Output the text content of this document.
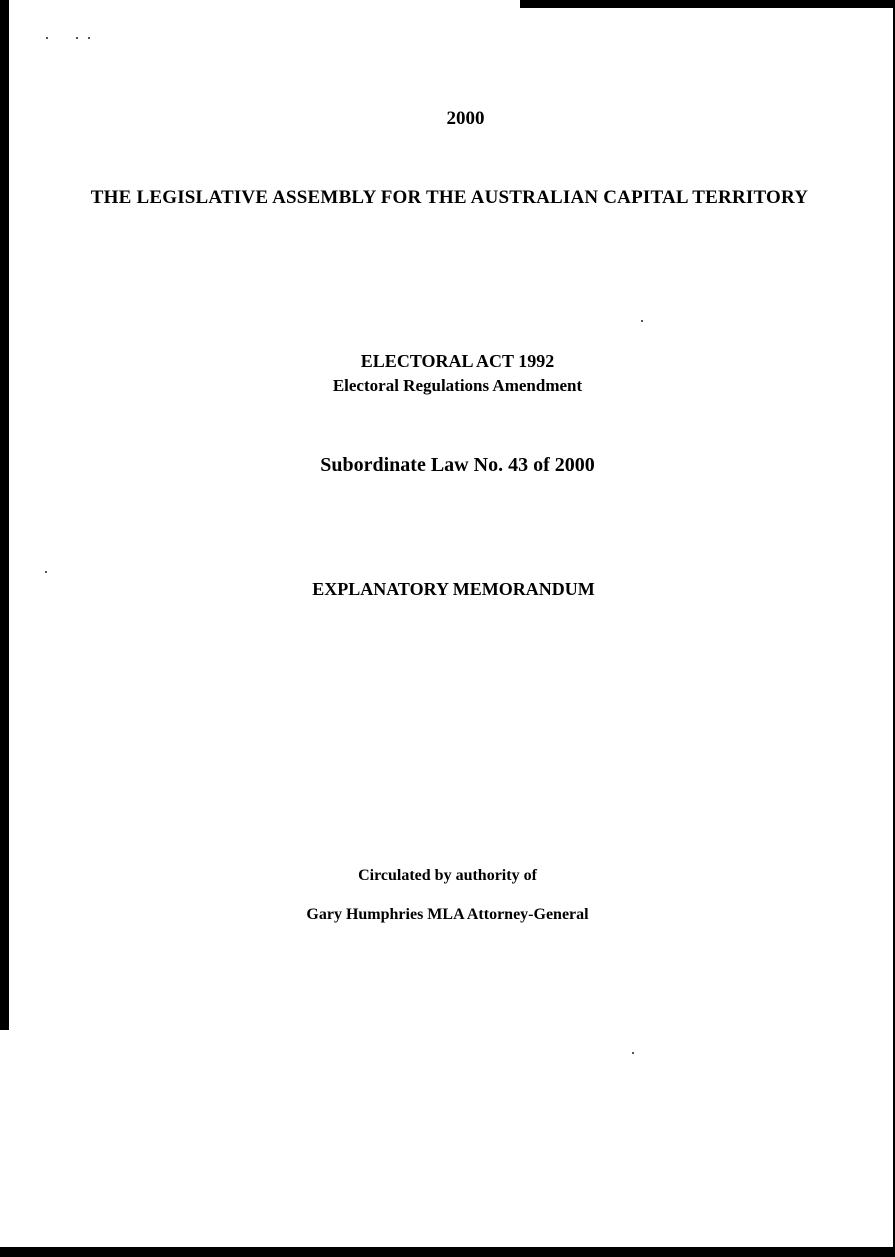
2000

THE LEGISLATIVE ASSEMBLY FOR THE AUSTRALIAN CAPITAL TERRITORY

ELECTORAL ACT 1992

Electoral Regulations Amendment

Subordinate Law No. 43 of 2000

EXPLANATORY MEMORANDUM

Circulated by authority of

Gary Humphries MLA Attorney-General
